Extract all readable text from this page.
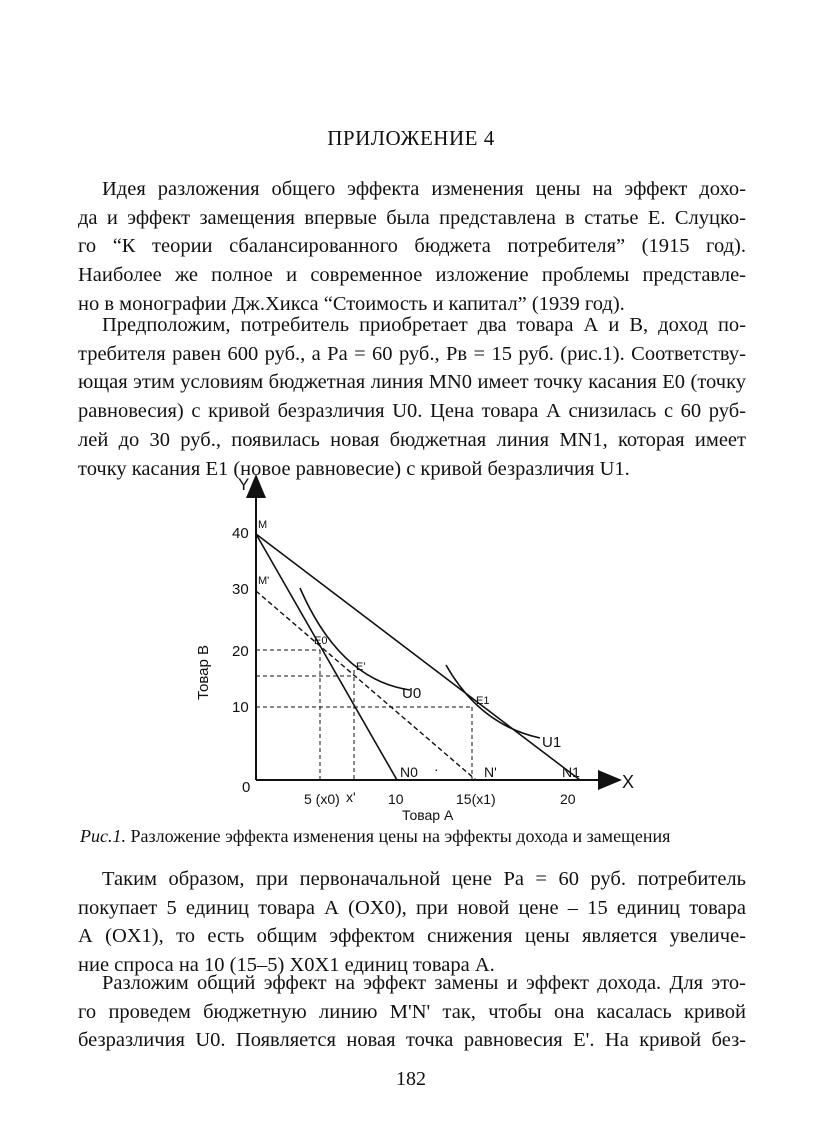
ПРИЛОЖЕНИЕ 4
Идея разложения общего эффекта изменения цены на эффект дохо-
да и эффект замещения впервые была представлена в статье Е. Слуцко-
го “К теории сбалансированного бюджета потребителя” (1915 год).
Наиболее же полное и современное изложение проблемы представле-
но в монографии Дж.Хикса “Стоимость и капитал” (1939 год).
Предположим, потребитель приобретает два товара А и В, доход по-
требителя равен 600 руб., а Pa = 60 руб., Pв = 15 руб. (рис.1). Соответству-
ющая этим условиям бюджетная линия MN0 имеет точку касания E0 (точку
равновесия) с кривой безразличия U0. Цена товара А снизилась с 60 руб-
лей до 30 руб., появилась новая бюджетная линия MN1, которая имеет
точку касания E1 (новое равновесие) с кривой безразличия U1.
·
Y
X
Товар В
Товар А
40
30
20
10
0
5 (x0) x' 10	15(x1)	20
M
M'
E0
E'
E1
U0
U1
N0	N'	N1
Рис.1. Разложение эффекта изменения цены на эффекты дохода и замещения
Таким образом, при первоначальной цене Pa = 60 руб. потребитель
покупает 5 единиц товара А (OX0), при новой цене – 15 единиц товара
А (OX1), то есть общим эффектом снижения цены является увеличе-
ние спроса на 10 (15–5) X0X1 единиц товара А.
Разложим общий эффект на эффект замены и эффект дохода. Для это-
го проведем бюджетную линию M'N' так, чтобы она касалась кривой
безразличия U0. Появляется новая точка равновесия E'. На кривой без-
182
